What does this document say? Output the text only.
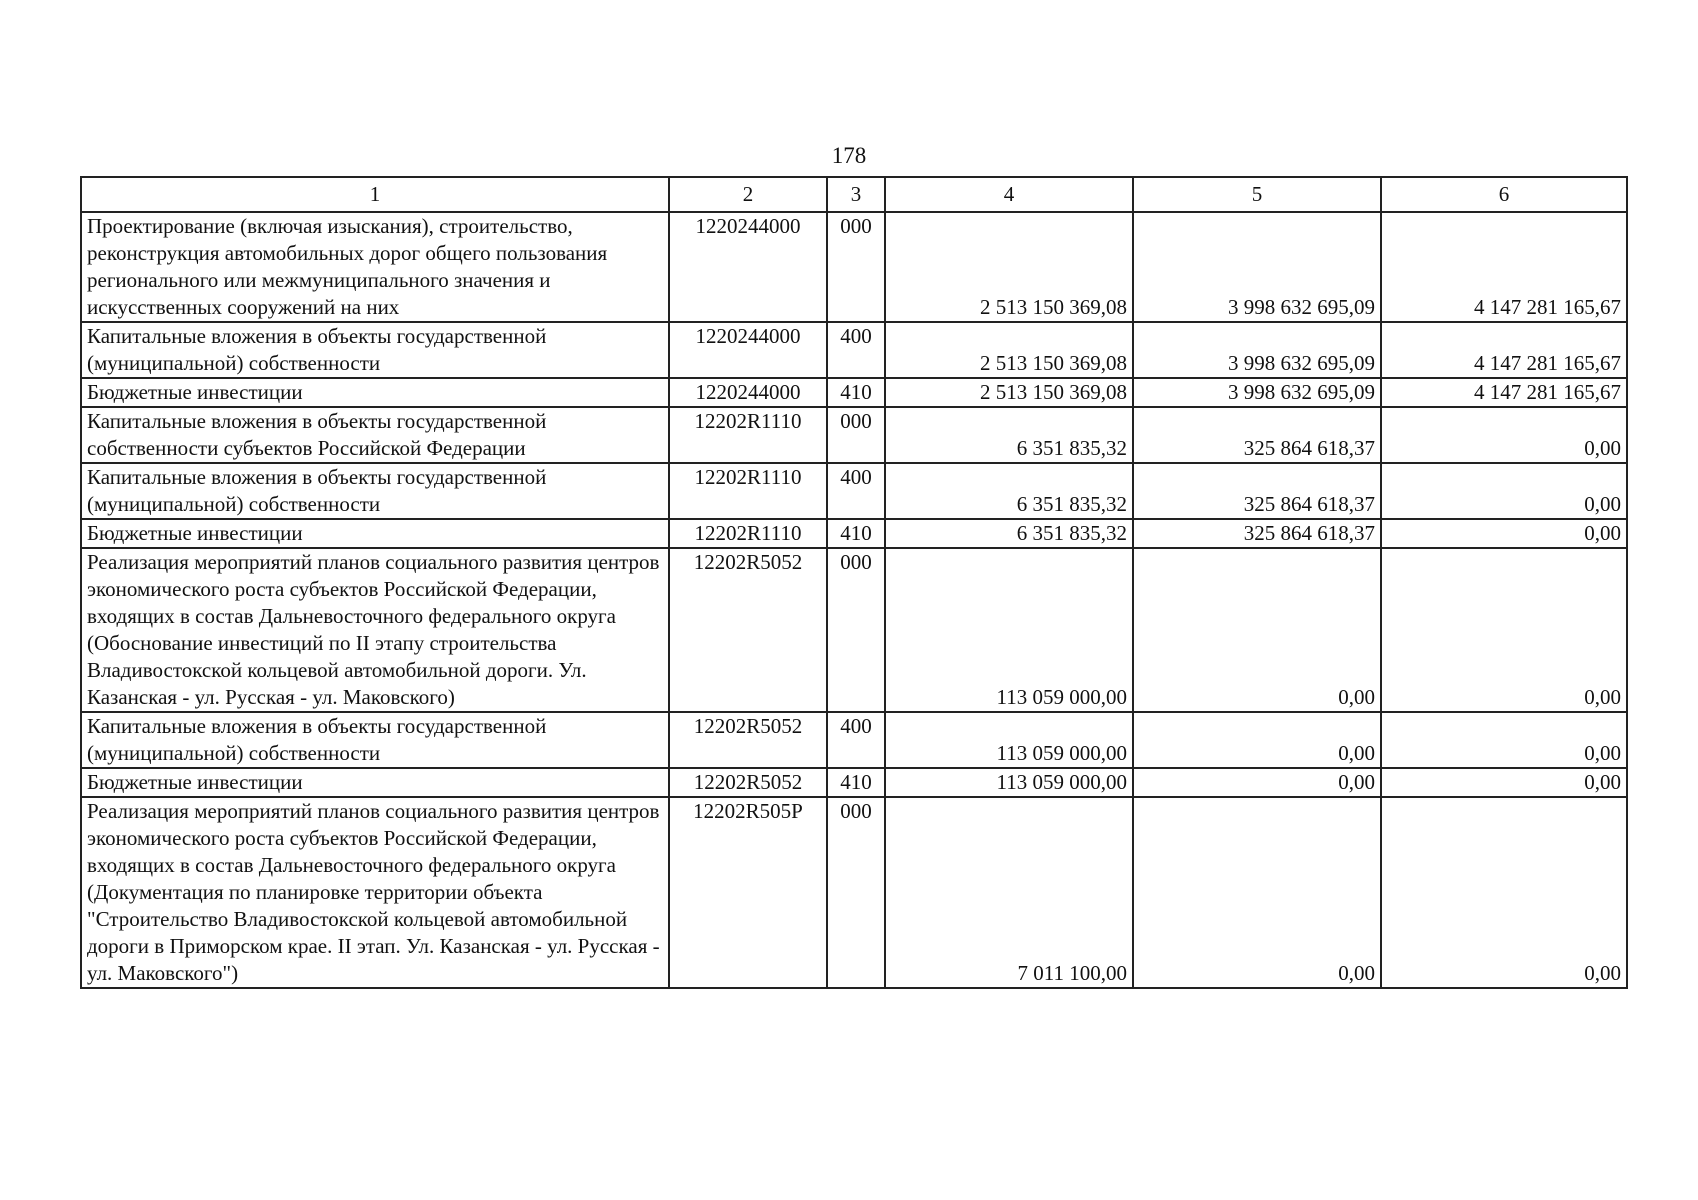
178
1	2	3	4	5	6
Проектирование (включая изыскания), строительство, реконструкция автомобильных дорог общего пользования регионального или межмуниципального значения и искусственных сооружений на них	1220244000	000	2 513 150 369,08	3 998 632 695,09	4 147 281 165,67

Капитальные вложения в объекты государственной (муниципальной) собственности	1220244000	400	2 513 150 369,08	3 998 632 695,09	4 147 281 165,67

Бюджетные инвестиции	1220244000	410	2 513 150 369,08	3 998 632 695,09	4 147 281 165,67

Капитальные вложения в объекты государственной собственности субъектов Российской Федерации	12202R1110	000	6 351 835,32	325 864 618,37	0,00

Капитальные вложения в объекты государственной (муниципальной) собственности	12202R1110	400	6 351 835,32	325 864 618,37	0,00

Бюджетные инвестиции	12202R1110	410	6 351 835,32	325 864 618,37	0,00

Реализация мероприятий планов социального развития центров экономического роста субъектов Российской Федерации, входящих в состав Дальневосточного федерального округа (Обоснование инвестиций по II этапу строительства Владивостокской кольцевой автомобильной дороги. Ул. Казанская - ул. Русская - ул. Маковского)	12202R5052	000	113 059 000,00	0,00	0,00

Капитальные вложения в объекты государственной (муниципальной) собственности	12202R5052	400	113 059 000,00	0,00	0,00

Бюджетные инвестиции	12202R5052	410	113 059 000,00	0,00	0,00

Реализация мероприятий планов социального развития центров экономического роста субъектов Российской Федерации, входящих в состав Дальневосточного федерального округа (Документация по планировке территории объекта "Строительство Владивостокской кольцевой автомобильной дороги в Приморском крае. II этап. Ул. Казанская - ул. Русская - ул. Маковского")	12202R505P	000	7 011 100,00	0,00	0,00
